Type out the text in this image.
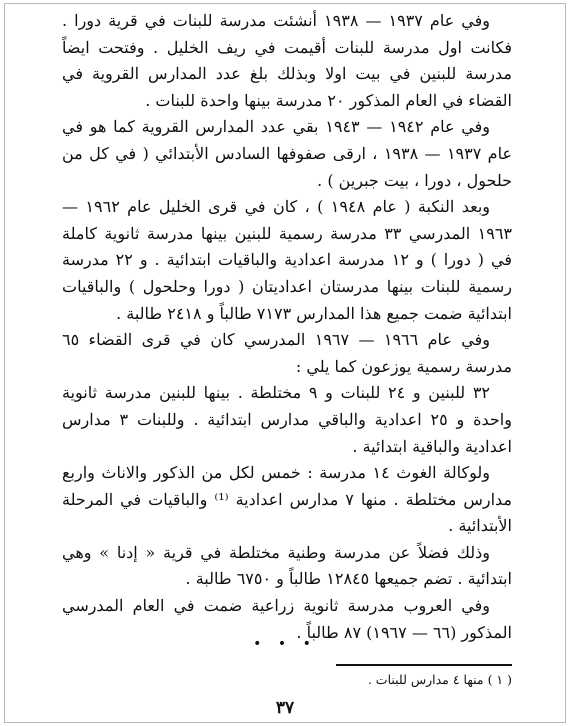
وفي عام ١٩٣٧ — ١٩٣٨ أنشئت مدرسة للبنات في قرية دورا . فكانت اول مدرسة للبنات أقيمت في ريف الخليل . وفتحت ايضاً مدرسة للبنين في بيت اولا وبذلك بلغ عدد المدارس القروية في القضاء في العام المذكور ٢٠ مدرسة بينها واحدة للبنات .

وفي عام ١٩٤٢ — ١٩٤٣ بقي عدد المدارس القروية كما هو في عام ١٩٣٧ — ١٩٣٨ ، ارقى صفوفها السادس الأبتدائي ( في كل من حلحول ، دورا ، بيت جبرين ) .

وبعد النكبة ( عام ١٩٤٨ ) ، كان في قرى الخليل عام ١٩٦٢ — ١٩٦٣ المدرسي ٣٣ مدرسة رسمية للبنين بينها مدرسة ثانوية كاملة في ( دورا ) و ١٢ مدرسة اعدادية والباقيات ابتدائية . و ٢٢ مدرسة رسمية للبنات بينها مدرستان اعداديتان ( دورا وحلحول ) والباقيات ابتدائية ضمت جميع هذا المدارس ٧١٧٣ طالباً و ٢٤١٨ طالبة .

وفي عام ١٩٦٦ — ١٩٦٧ المدرسي كان في قرى القضاء ٦٥ مدرسة رسمية يوزعون كما يلي :

٣٢ للبنين و ٢٤ للبنات و ٩ مختلطة . بينها للبنين مدرسة ثانوية واحدة و ٢٥ اعدادية والباقي مدارس ابتدائية . وللبنات ٣ مدارس اعدادية والباقية ابتدائية .

ولوكالة الغوث ١٤ مدرسة : خمس لكل من الذكور والاناث واربع مدارس مختلطة . منها ٧ مدارس اعدادية ⁽¹⁾ والباقيات في المرحلة الأبتدائية .

وذلك فضلاً عن مدرسة وطنية مختلطة في قرية « إدنا » وهي ابتدائية . تضم جميعها ١٢٨٤٥ طالباً و ٦٧٥٠ طالبة .

وفي العروب مدرسة ثانوية زراعية ضمت في العام المدرسي المذكور (٦٦ — ١٩٦٧) ٨٧ طالباً .

• • •
( ١ ) منها ٤ مدارس للبنات .
٣٧
